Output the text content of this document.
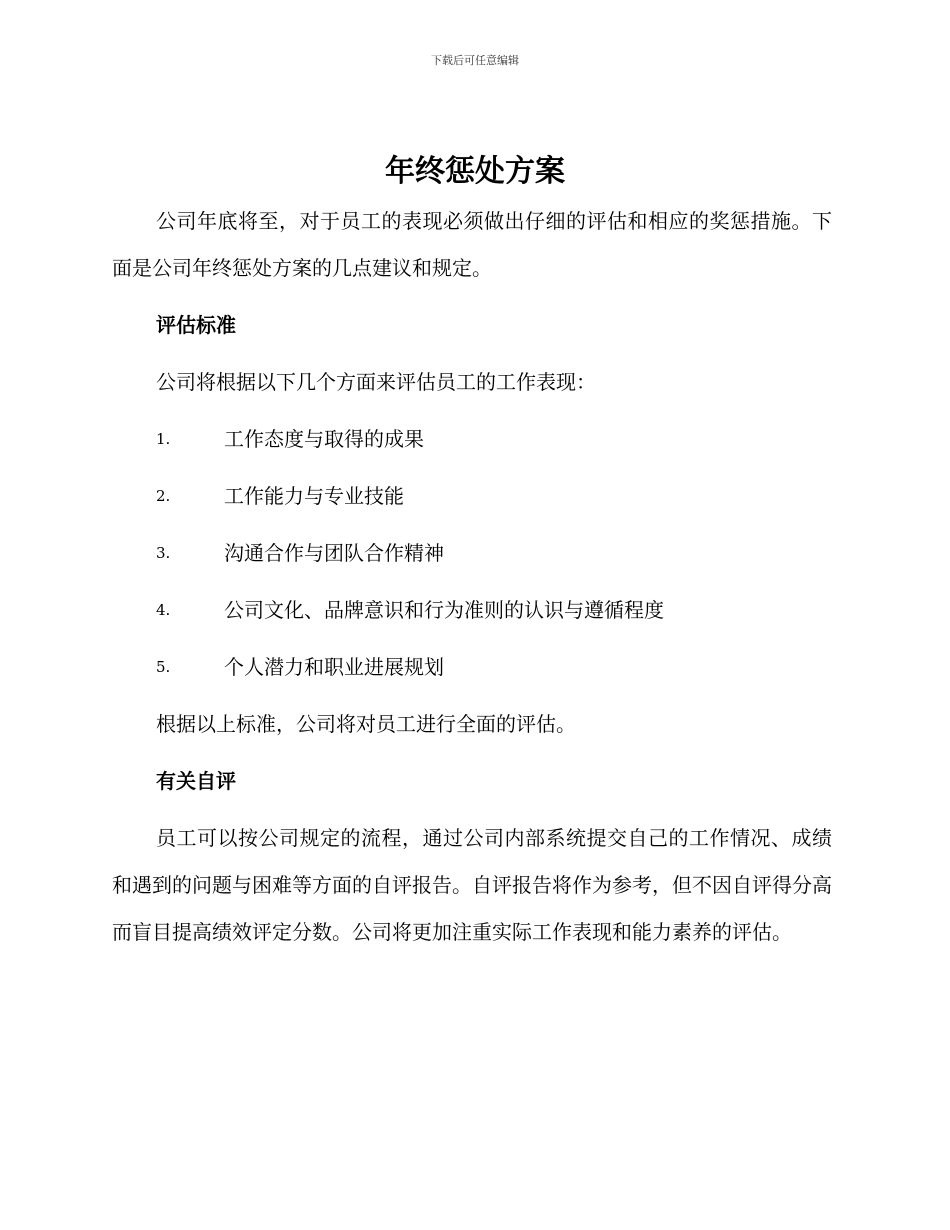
下载后可任意编辑
年终惩处方案

公司年底将至，对于员工的表现必须做出仔细的评估和相应的奖惩措施。下面是公司年终惩处方案的几点建议和规定。

评估标准

公司将根据以下几个方面来评估员工的工作表现：

1.	工作态度与取得的成果
2.	工作能力与专业技能
3.	沟通合作与团队合作精神
4.	公司文化、品牌意识和行为准则的认识与遵循程度
5.	个人潜力和职业进展规划

根据以上标准，公司将对员工进行全面的评估。

有关自评

员工可以按公司规定的流程，通过公司内部系统提交自己的工作情况、成绩和遇到的问题与困难等方面的自评报告。自评报告将作为参考，但不因自评得分高而盲目提高绩效评定分数。公司将更加注重实际工作表现和能力素养的评估。
